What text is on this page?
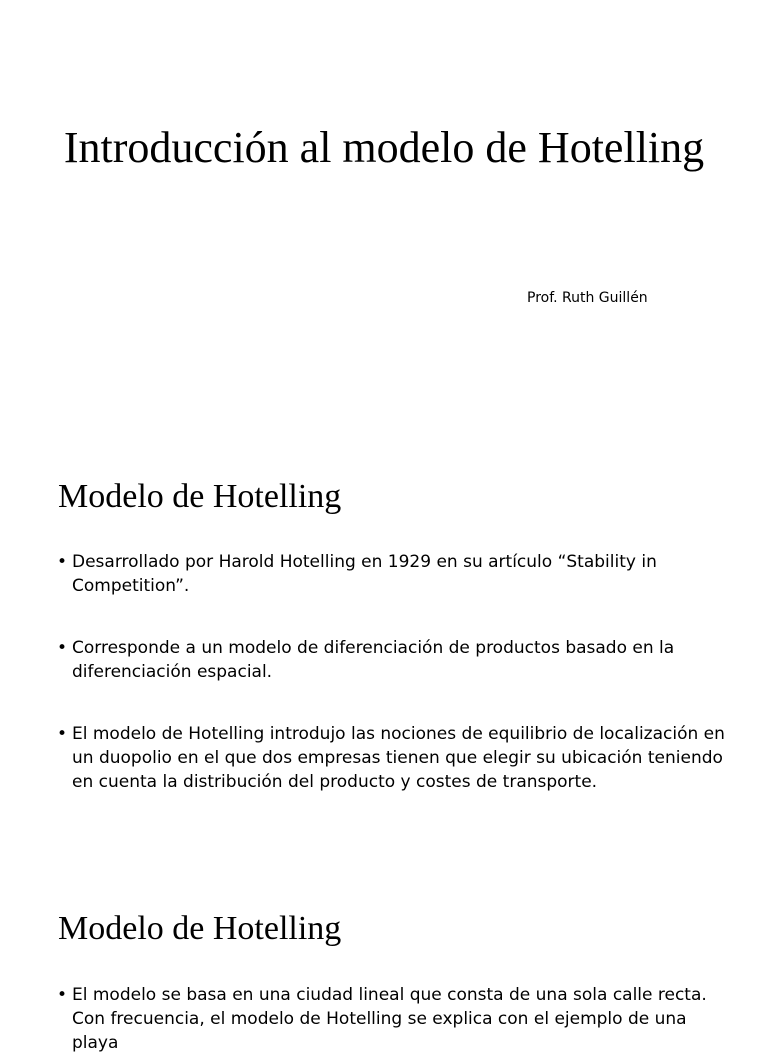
Introducción al modelo de Hotelling

Prof. Ruth Guillén

Modelo de Hotelling
• Desarrollado por Harold Hotelling en 1929 en su artículo “Stability in Competition”.
• Corresponde a un modelo de diferenciación de productos basado en la diferenciación espacial.
• El modelo de Hotelling introdujo las nociones de equilibrio de localización en un duopolio en el que dos empresas tienen que elegir su ubicación teniendo en cuenta la distribución del producto y costes de transporte.
Modelo de Hotelling
• El modelo se basa en una ciudad lineal que consta de una sola calle recta. Con frecuencia, el modelo de Hotelling se explica con el ejemplo de una playa
